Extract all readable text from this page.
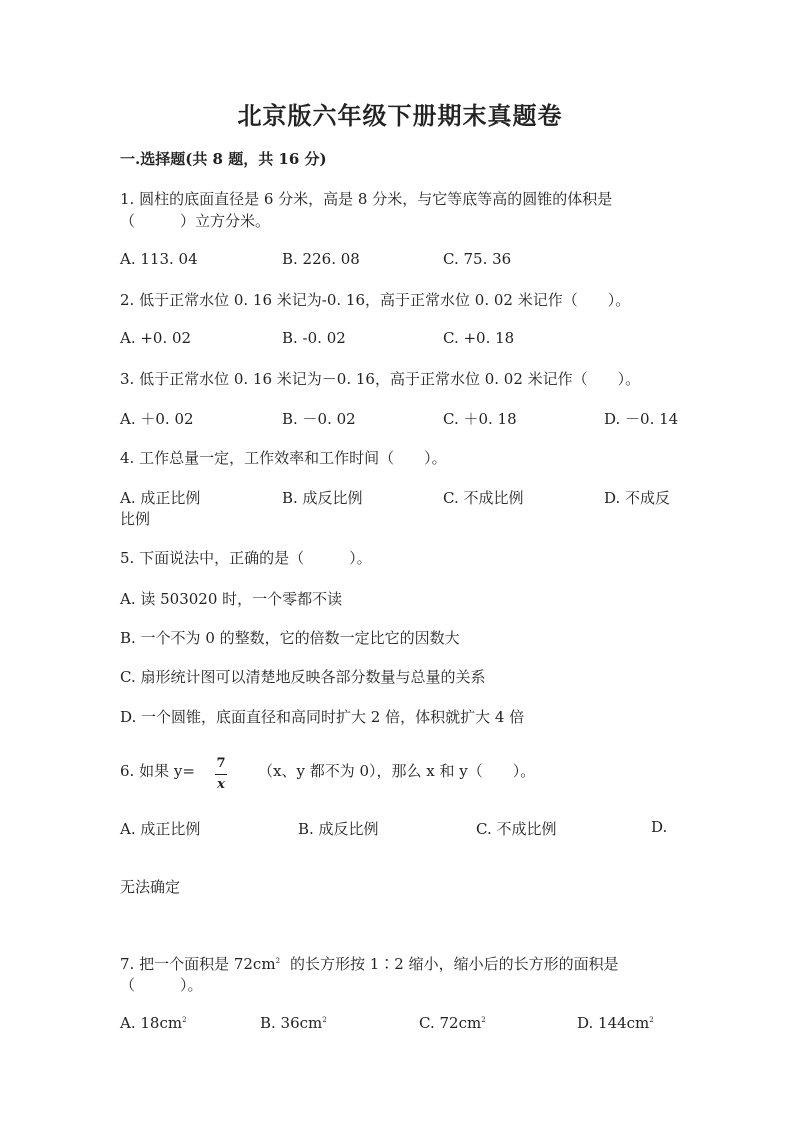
北京版六年级下册期末真题卷
一.选择题(共 8 题，共 16 分)
1. 圆柱的底面直径是 6 分米，高是 8 分米，与它等底等高的圆锥的体积是
（　　　）立方分米。
A. 113. 04	B. 226. 08	C. 75. 36
2. 低于正常水位 0. 16 米记为-0. 16，高于正常水位 0. 02 米记作（　　）。
A. +0. 02	B. -0. 02	C. +0. 18
3. 低于正常水位 0. 16 米记为－0. 16，高于正常水位 0. 02 米记作（　　）。
A. ＋0. 02	B. －0. 02	C. ＋0. 18	D. －0. 14
4. 工作总量一定，工作效率和工作时间（　　）。
A. 成正比例	B. 成反比例	C. 不成比例	D. 不成反
比例
5. 下面说法中，正确的是（　　　）。
A. 读 503020 时，一个零都不读
B. 一个不为 0 的整数，它的倍数一定比它的因数大
C. 扇形统计图可以清楚地反映各部分数量与总量的关系
D. 一个圆锥，底面直径和高同时扩大 2 倍，体积就扩大 4 倍
6. 如果 y= 7
x
（x、y 都不为 0），那么 x 和 y（　　）。
A. 成正比例	B. 成反比例	C. 不成比例	D.
无法确定
7. 把一个面积是 $72cm^2$ 的长方形按 1∶2 缩小，缩小后的长方形的面积是
（　　　）。
A. $18cm^2$	B. $36cm^2$	C. $72cm^2$	D. $144cm^2$
